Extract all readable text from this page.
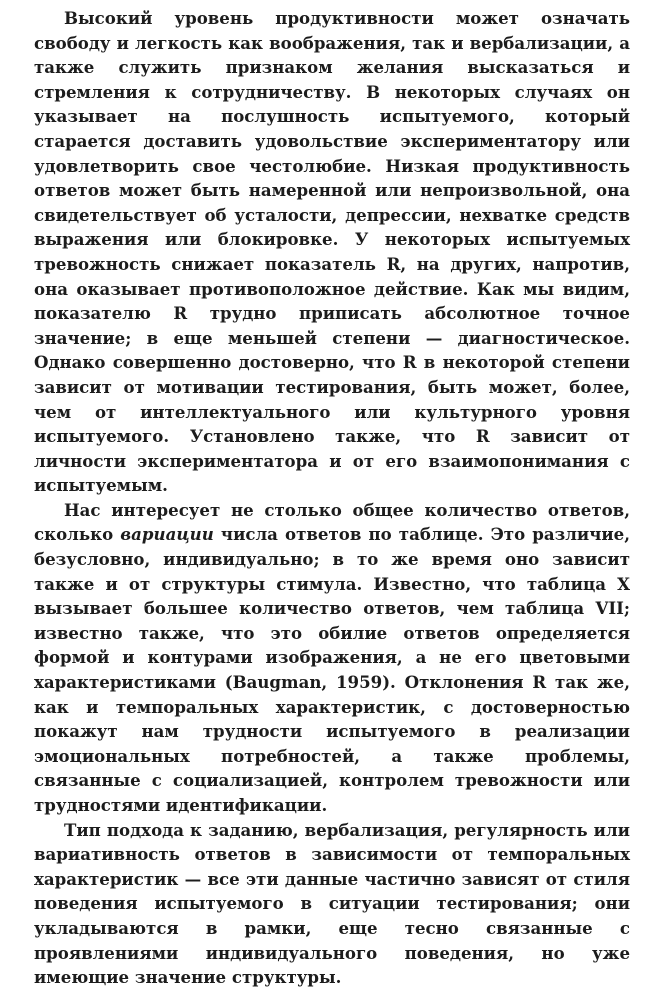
Высокий уровень продуктивности может означать свободу и легкость как воображения, так и вербализации, а также служить признаком желания высказаться и стремления к сотрудничеству. В некоторых случаях он указывает на послушность испытуемого, который старается доставить удовольствие экспериментатору или удовлетворить свое честолюбие. Низкая продуктивность ответов может быть намеренной или непроизвольной, она свидетельствует об усталости, депрессии, нехватке средств выражения или блокировке. У некоторых испытуемых тревожность снижает показатель R, на других, напротив, она оказывает противоположное действие. Как мы видим, показателю R трудно приписать абсолютное точное значение; в еще меньшей степени — диагностическое. Однако совершенно достоверно, что R в некоторой степени зависит от мотивации тестирования, быть может, более, чем от интеллектуального или культурного уровня испытуемого. Установлено также, что R зависит от личности экспериментатора и от его взаимопонимания с испытуемым.

Нас интересует не столько общее количество ответов, сколько вариации числа ответов по таблице. Это различие, безусловно, индивидуально; в то же время оно зависит также и от структуры стимула. Известно, что таблица X вызывает большее количество ответов, чем таблица VII; известно также, что это обилие ответов определяется формой и контурами изображения, а не его цветовыми характеристиками (Baugman, 1959). Отклонения R так же, как и темпоральных характеристик, с достоверностью покажут нам трудности испытуемого в реализации эмоциональных потребностей, а также проблемы, связанные с социализацией, контролем тревожности или трудностями идентификации.

Тип подхода к заданию, вербализация, регулярность или вариативность ответов в зависимости от темпоральных характеристик — все эти данные частично зависят от стиля поведения испытуемого в ситуации тестирования; они укладываются в рамки, еще тесно связанные с проявлениями индивидуального поведения, но уже имеющие значение структуры.
